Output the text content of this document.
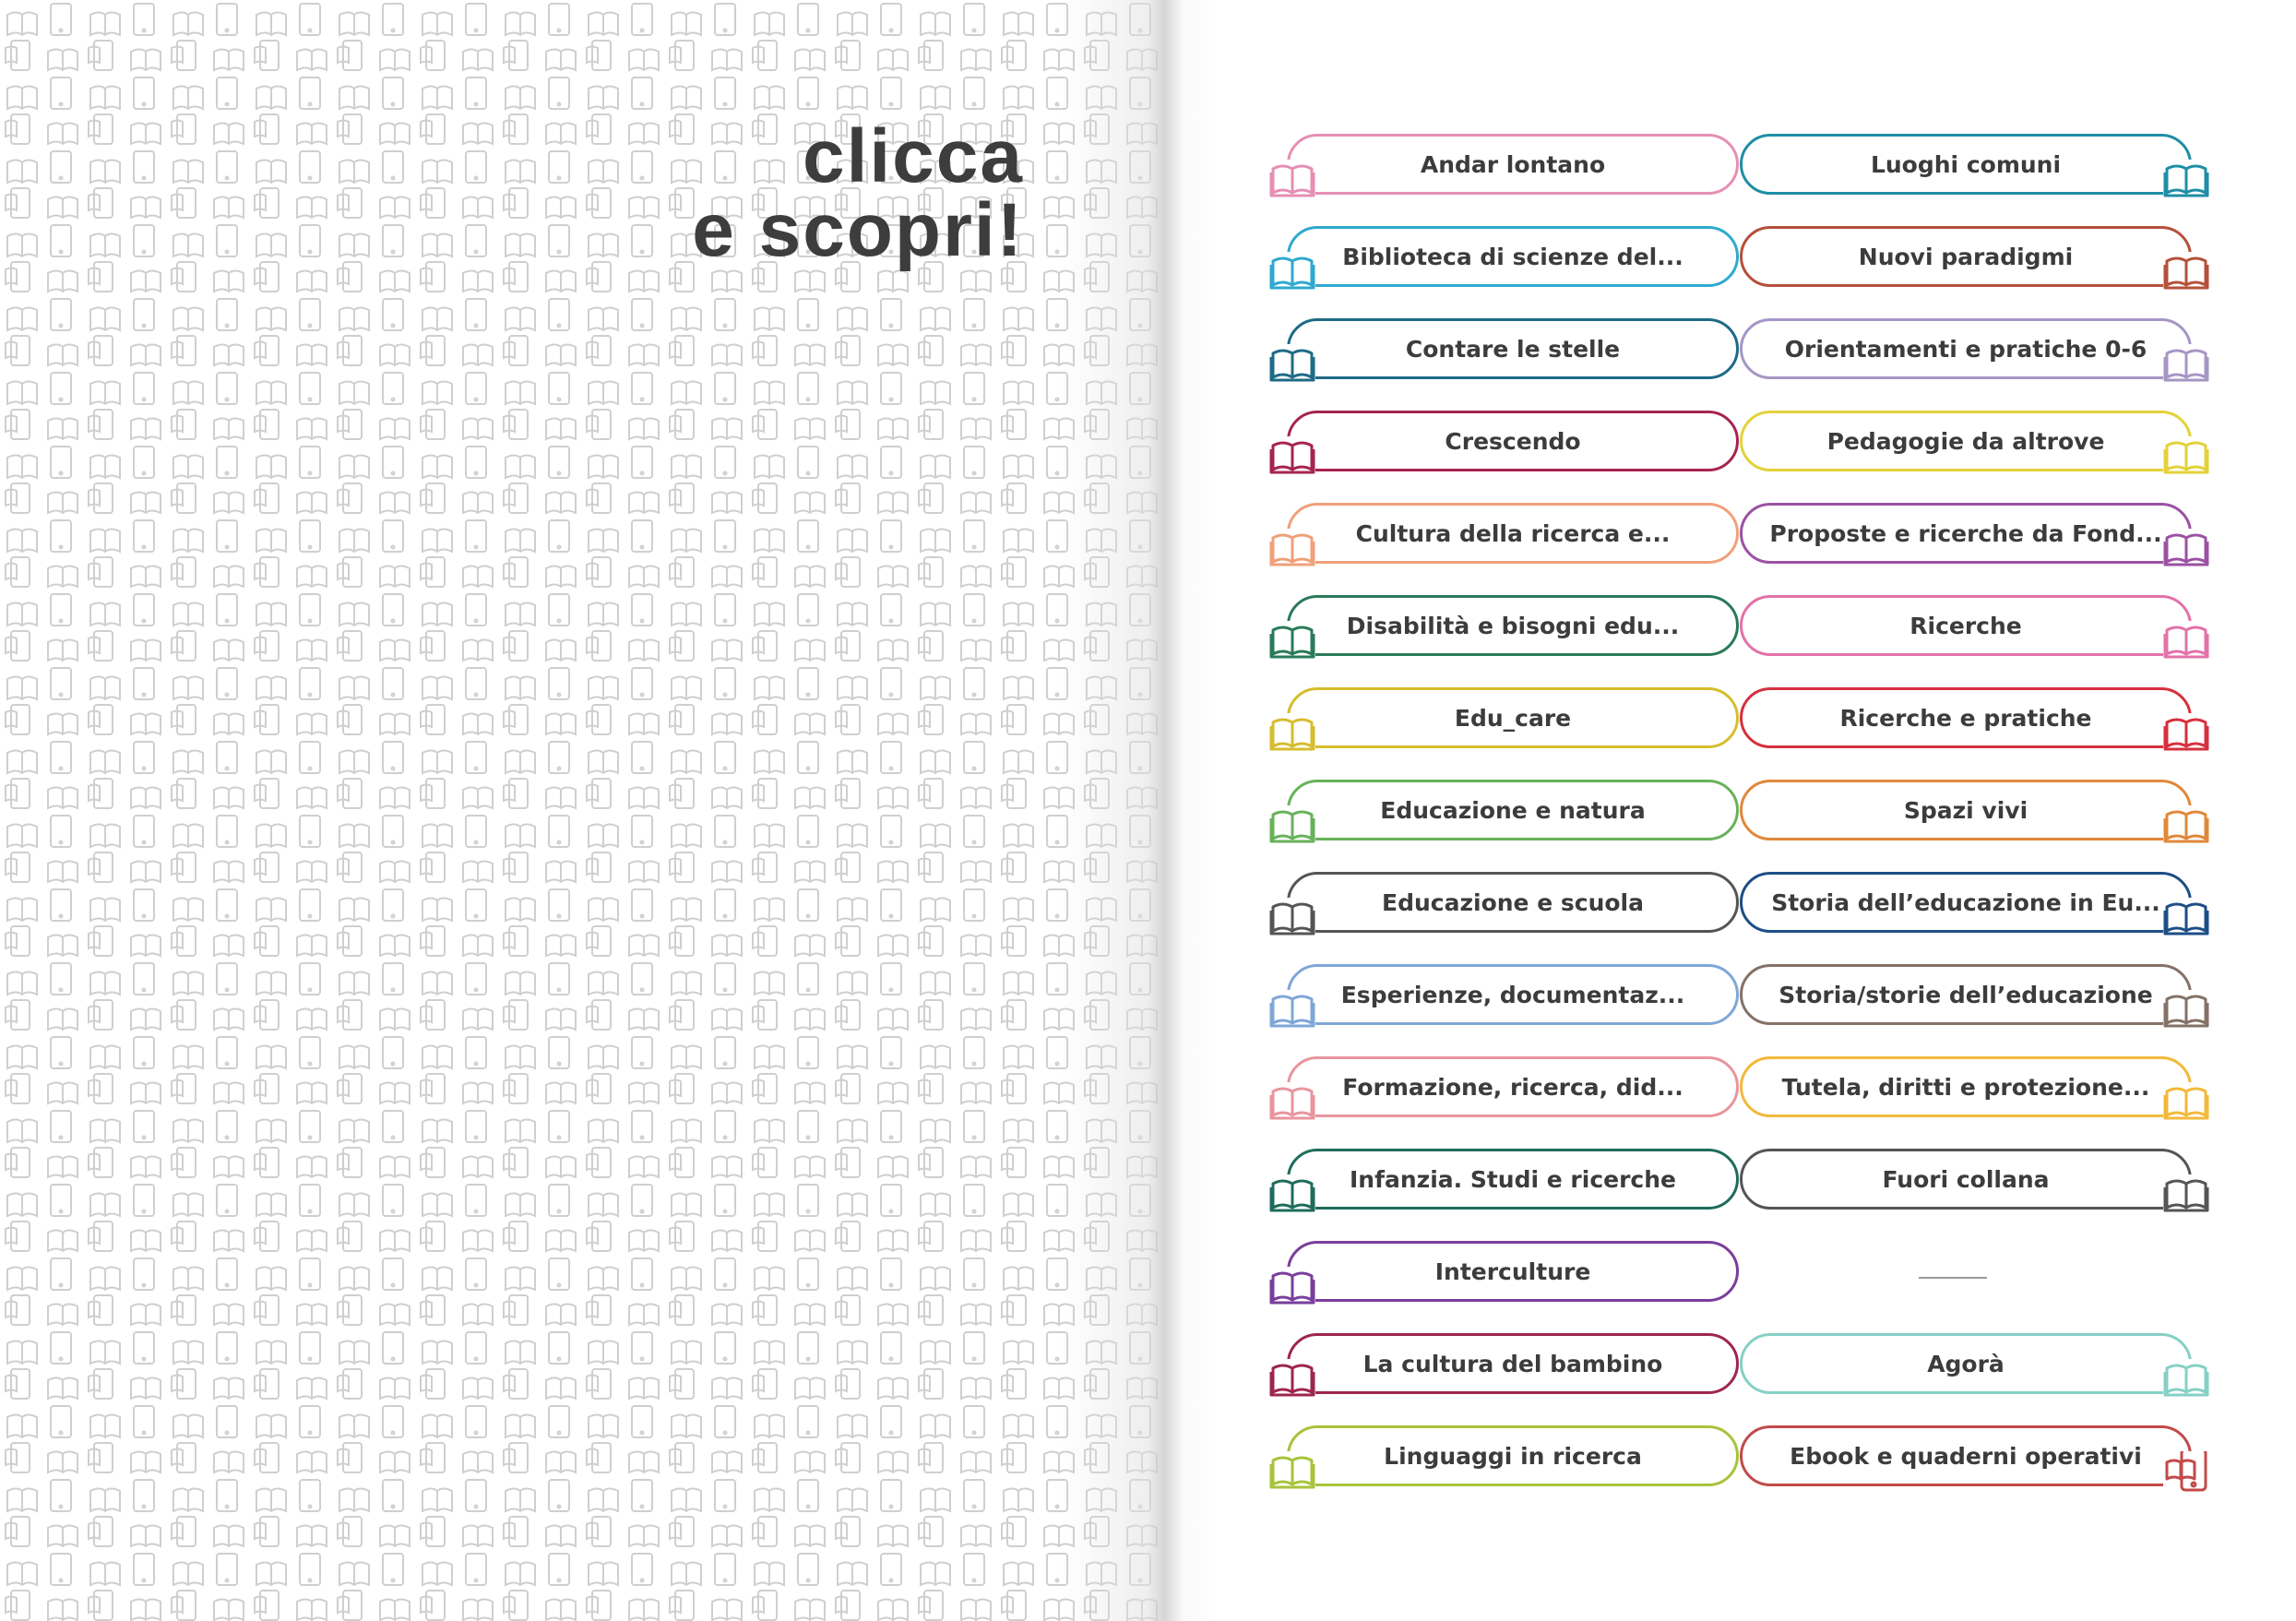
clicca
e scopri!
Andar lontano
Biblioteca di scienze del...
Contare le stelle
Crescendo
Cultura della ricerca e...
Disabilità e bisogni edu...
Edu_care
Educazione e natura
Educazione e scuola
Esperienze, documentaz...
Formazione, ricerca, did...
Infanzia. Studi e ricerche
Interculture
La cultura del bambino
Linguaggi in ricerca
Luoghi comuni
Nuovi paradigmi
Orientamenti e pratiche 0-6
Pedagogie da altrove
Proposte e ricerche da Fond...
Ricerche
Ricerche e pratiche
Spazi vivi
Storia dell’educazione in Eu...
Storia/storie dell’educazione
Tutela, diritti e protezione...
Fuori collana
Agorà
Ebook e quaderni operativi
